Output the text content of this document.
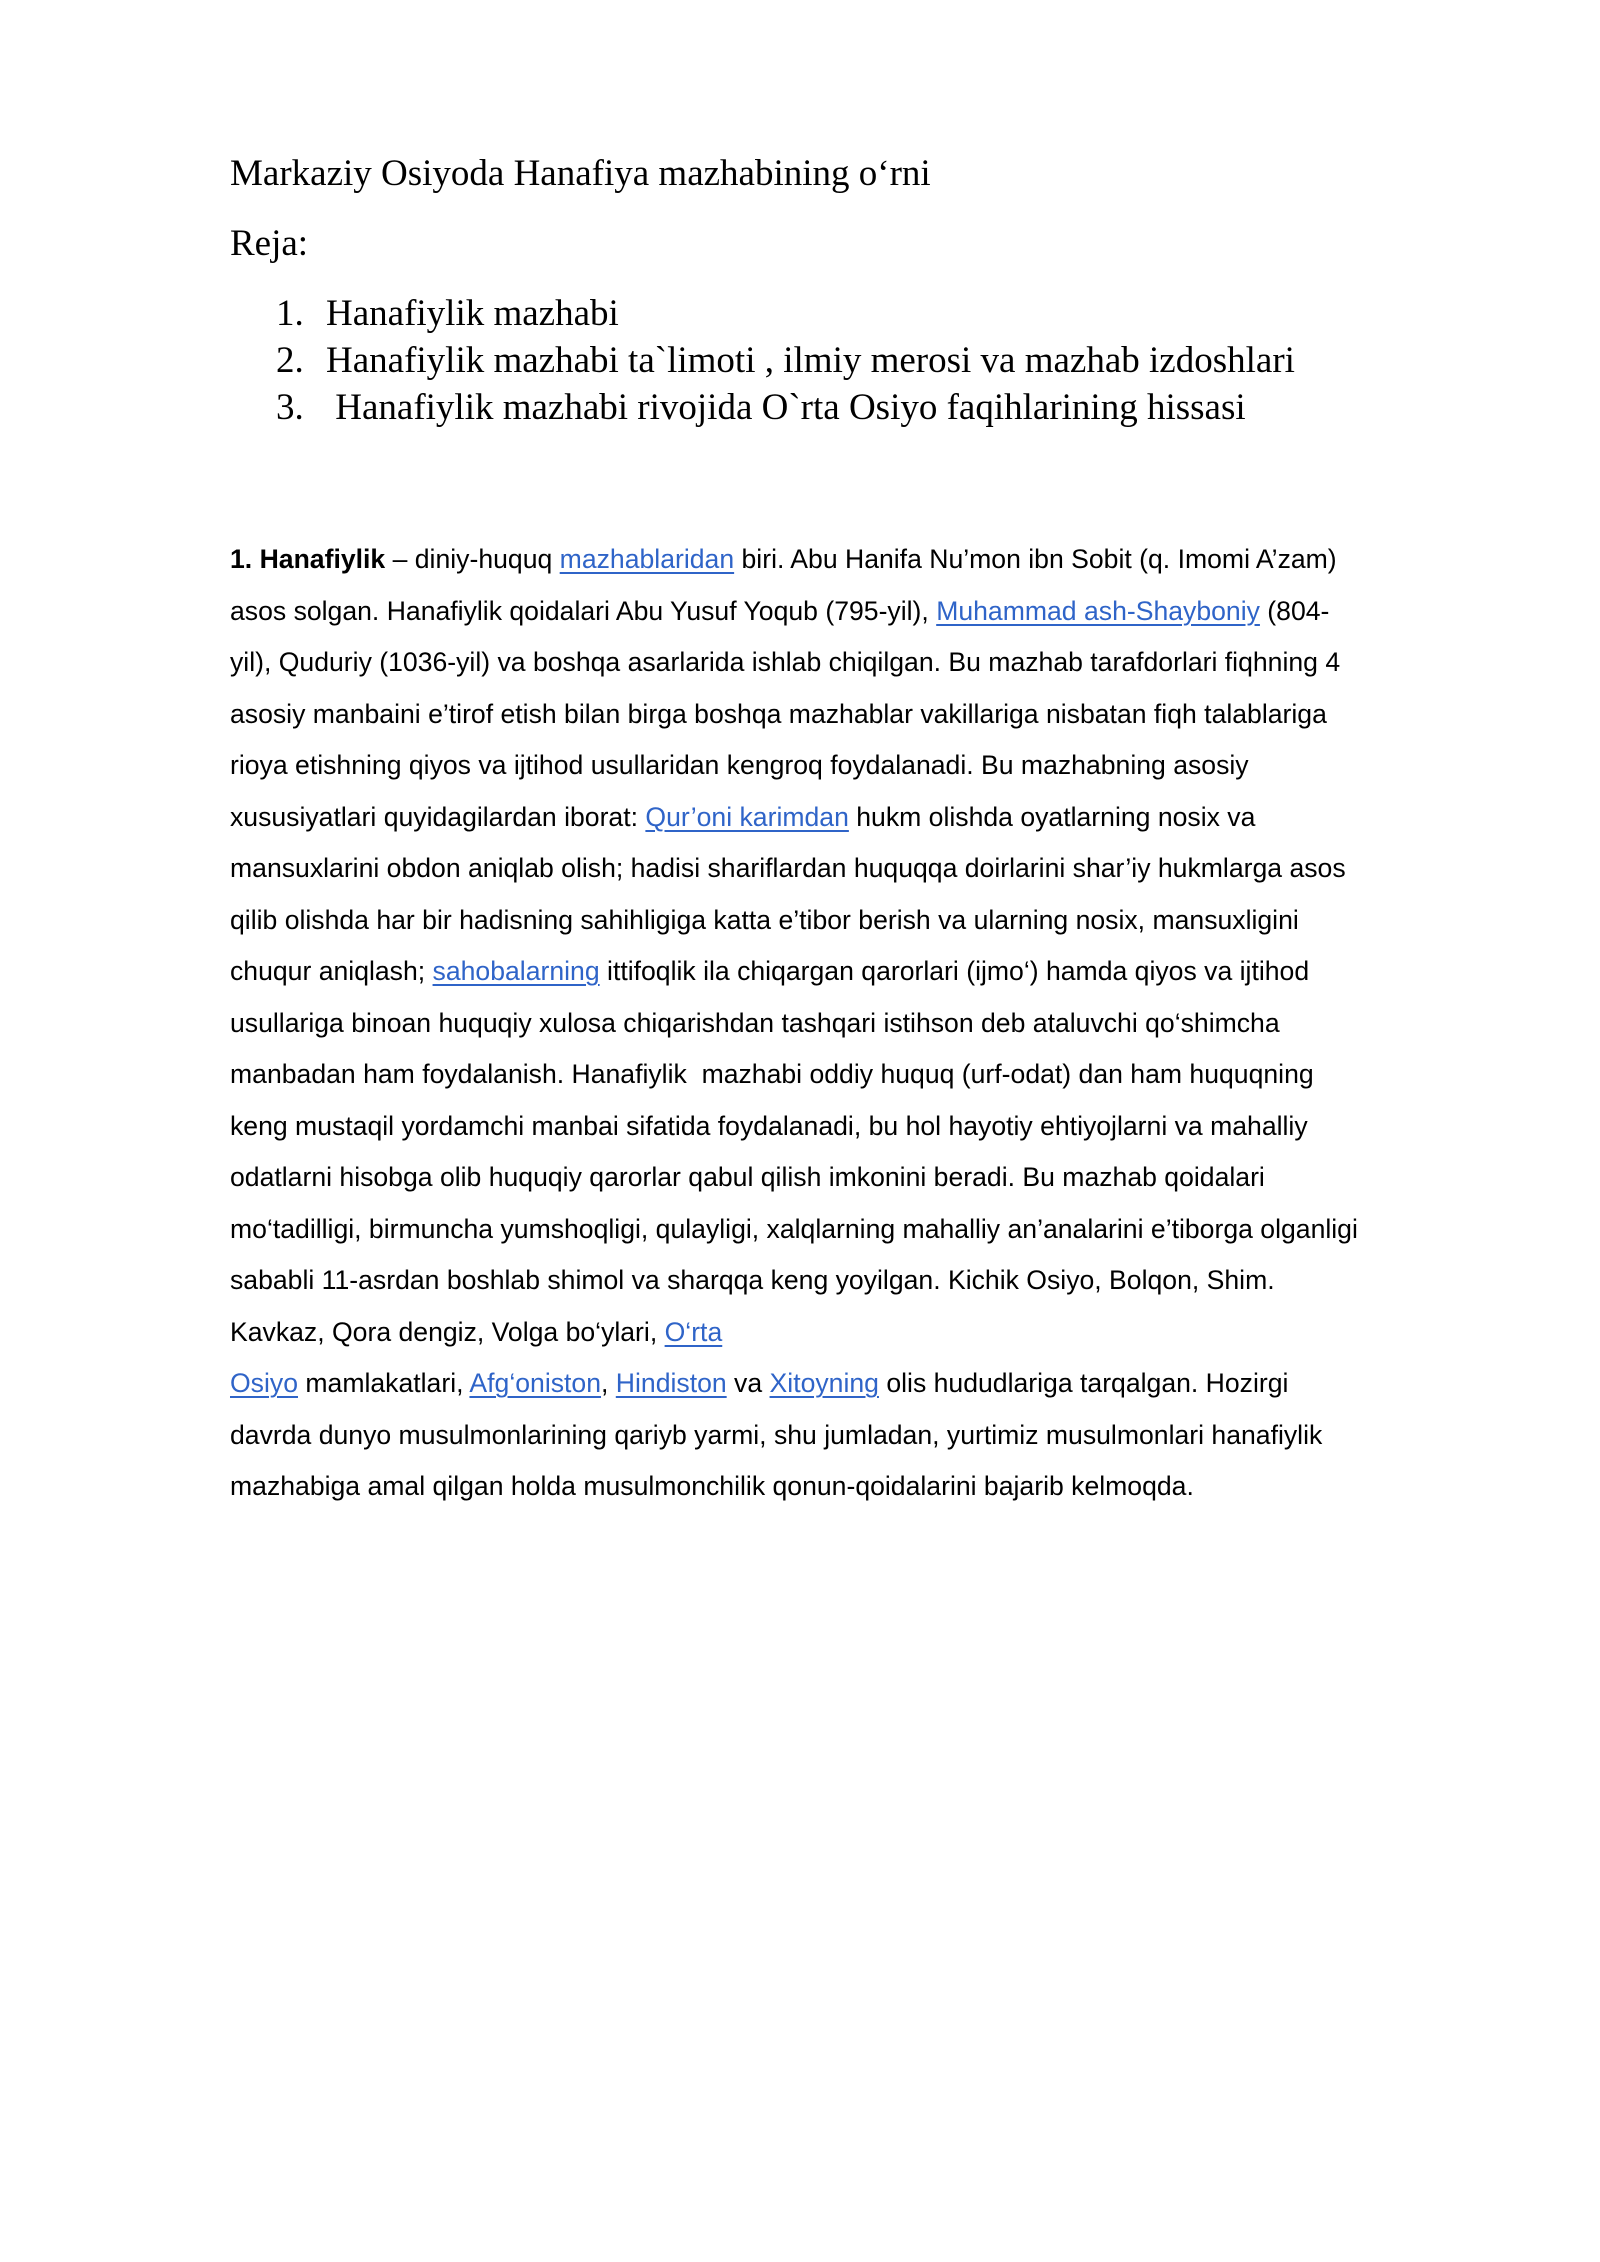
Markaziy Osiyoda Hanafiya mazhabining o‘rni
Reja:
1. Hanafiylik mazhabi
2. Hanafiylik mazhabi ta`limoti , ilmiy merosi va mazhab izdoshlari
3. Hanafiylik mazhabi rivojida O`rta Osiyo faqihlarining hissasi
1. Hanafiylik – diniy-huquq mazhablaridan biri. Abu Hanifa Nu’mon ibn Sobit (q. Imomi A’zam)
asos solgan. Hanafiylik qoidalari Abu Yusuf Yoqub (795-yil), Muhammad ash-Shayboniy (804-
yil), Quduriy (1036-yil) va boshqa asarlarida ishlab chiqilgan. Bu mazhab tarafdorlari fiqhning 4
asosiy manbaini e’tirof etish bilan birga boshqa mazhablar vakillariga nisbatan fiqh talablariga
rioya etishning qiyos va ijtihod usullaridan kengroq foydalanadi. Bu mazhabning asosiy
xususiyatlari quyidagilardan iborat: Qur’oni karimdan hukm olishda oyatlarning nosix va
mansuxlarini obdon aniqlab olish; hadisi shariflardan huquqqa doirlarini shar’iy hukmlarga asos
qilib olishda har bir hadisning sahihligiga katta e’tibor berish va ularning nosix, mansuxligini
chuqur aniqlash; sahobalarning ittifoqlik ila chiqargan qarorlari (ijmo‘) hamda qiyos va ijtihod
usullariga binoan huquqiy xulosa chiqarishdan tashqari istihson deb ataluvchi qo‘shimcha
manbadan ham foydalanish. Hanafiylik  mazhabi oddiy huquq (urf-odat) dan ham huquqning
keng mustaqil yordamchi manbai sifatida foydalanadi, bu hol hayotiy ehtiyojlarni va mahalliy
odatlarni hisobga olib huquqiy qarorlar qabul qilish imkonini beradi. Bu mazhab qoidalari
mo‘tadilligi, birmuncha yumshoqligi, qulayligi, xalqlarning mahalliy an’analarini e’tiborga olganligi
sababli 11-asrdan boshlab shimol va sharqqa keng yoyilgan. Kichik Osiyo, Bolqon, Shim.
Kavkaz, Qora dengiz, Volga bo‘ylari, O‘rta
Osiyo mamlakatlari, Afg‘oniston, Hindiston va Xitoyning olis hududlariga tarqalgan. Hozirgi
davrda dunyo musulmonlarining qariyb yarmi, shu jumladan, yurtimiz musulmonlari hanafiylik
mazhabiga amal qilgan holda musulmonchilik qonun-qoidalarini bajarib kelmoqda.
